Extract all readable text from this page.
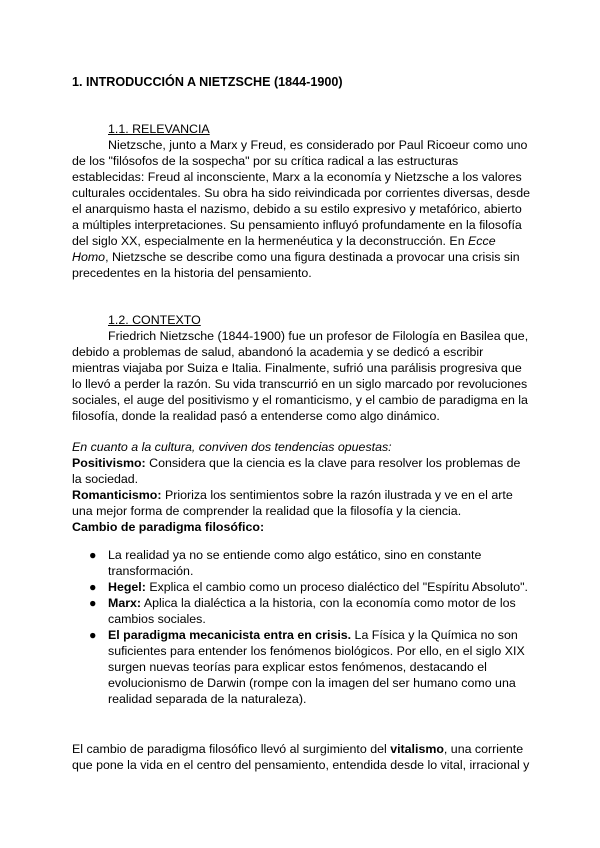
1. INTRODUCCIÓN A NIETZSCHE (1844-1900)

1.1. RELEVANCIA

Nietzsche, junto a Marx y Freud, es considerado por Paul Ricoeur como uno de los "filósofos de la sospecha" por su crítica radical a las estructuras establecidas: Freud al inconsciente, Marx a la economía y Nietzsche a los valores culturales occidentales. Su obra ha sido reivindicada por corrientes diversas, desde el anarquismo hasta el nazismo, debido a su estilo expresivo y metafórico, abierto a múltiples interpretaciones. Su pensamiento influyó profundamente en la filosofía del siglo XX, especialmente en la hermenéutica y la deconstrucción. En Ecce Homo, Nietzsche se describe como una figura destinada a provocar una crisis sin precedentes en la historia del pensamiento.

1.2. CONTEXTO

Friedrich Nietzsche (1844-1900) fue un profesor de Filología en Basilea que, debido a problemas de salud, abandonó la academia y se dedicó a escribir mientras viajaba por Suiza e Italia. Finalmente, sufrió una parálisis progresiva que lo llevó a perder la razón. Su vida transcurrió en un siglo marcado por revoluciones sociales, el auge del positivismo y el romanticismo, y el cambio de paradigma en la filosofía, donde la realidad pasó a entenderse como algo dinámico.

En cuanto a la cultura, conviven dos tendencias opuestas:

Positivismo: Considera que la ciencia es la clave para resolver los problemas de la sociedad.

Romanticismo: Prioriza los sentimientos sobre la razón ilustrada y ve en el arte una mejor forma de comprender la realidad que la filosofía y la ciencia.

Cambio de paradigma filosófico:

● La realidad ya no se entiende como algo estático, sino en constante transformación.
● Hegel: Explica el cambio como un proceso dialéctico del "Espíritu Absoluto".
● Marx: Aplica la dialéctica a la historia, con la economía como motor de los cambios sociales.
● El paradigma mecanicista entra en crisis. La Física y la Química no son suficientes para entender los fenómenos biológicos. Por ello, en el siglo XIX surgen nuevas teorías para explicar estos fenómenos, destacando el evolucionismo de Darwin (rompe con la imagen del ser humano como una realidad separada de la naturaleza).

El cambio de paradigma filosófico llevó al surgimiento del vitalismo, una corriente que pone la vida en el centro del pensamiento, entendida desde lo vital, irracional y
